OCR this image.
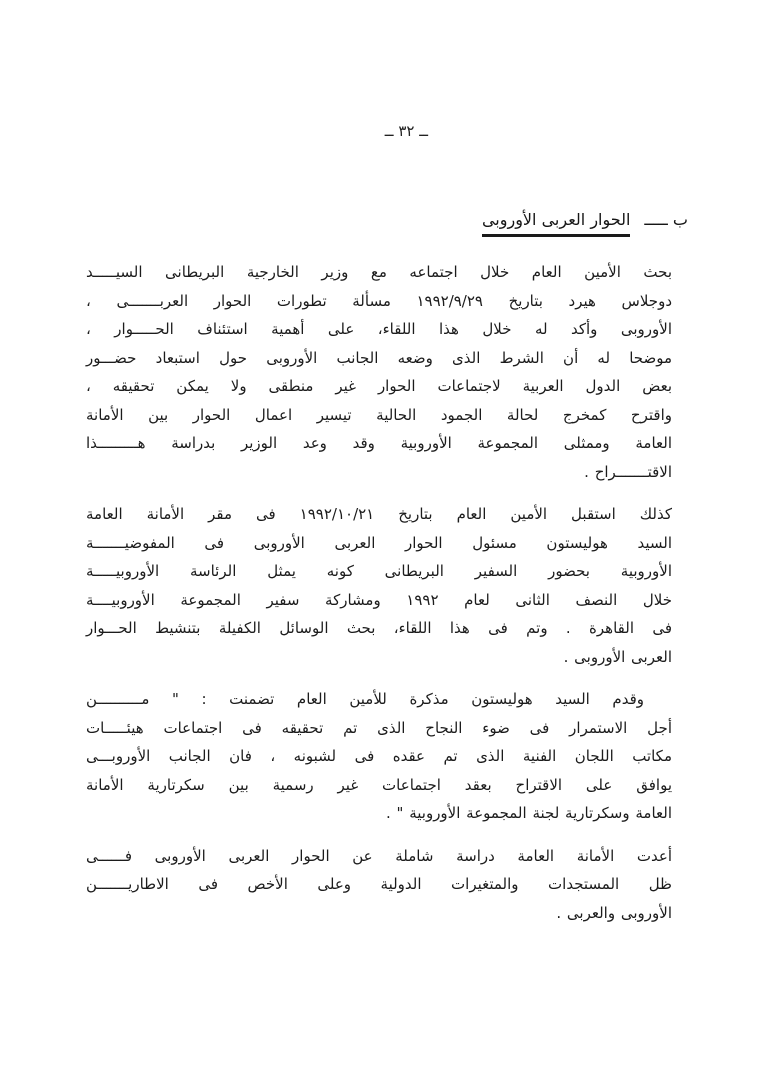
ــ ٣٢ ــ
ب ـــــ
الحوار العربى الأوروبى
بحث الأمين العام خلال اجتماعه مع وزير الخارجية البريطانى السيـــــد
دوجلاس هيرد بتاريخ ١٩٩٢/٩/٢٩ مسألة تطورات الحوار العربـــــــى ،
الأوروبى وأكد له خلال هذا اللقاء، على أهمية استئناف الحـــــوار ،
موضحا له أن الشرط الذى وضعه الجانب الأوروبى حول استبعاد حضـــور
بعض الدول العربية لاجتماعات الحوار غير منطقى ولا يمكن تحقيقه ،
واقترح كمخرج لحالة الجمود الحالية تيسير اعمال الحوار بين الأمانة
العامة وممثلى المجموعة الأوروبية وقد وعد الوزير بدراسة هـــــــــذا
الاقتـــــــراح .
كذلك استقبل الأمين العام بتاريخ ١٩٩٢/١٠/٢١ فى مقر الأمانة العامة
السيد هوليستون مسئول الحوار العربى الأوروبى فى المفوضيـــــــة
الأوروبية بحضور السفير البريطانى كونه يمثل الرئاسة الأوروبيـــــة
خلال النصف الثانى لعام ١٩٩٢ ومشاركة سفير المجموعة الأوروبيــــة
فى القاهرة . وتم فى هذا اللقاء، بحث الوسائل الكفيلة بتنشيط الحـــوار
العربى الأوروبى .
وقدم السيد هوليستون مذكرة للأمين العام تضمنت : " مــــــــــن
أجل الاستمرار فى ضوء النجاح الذى تم تحقيقه فى اجتماعات هيئـــــات
مكاتب اللجان الفنية الذى تم عقده فى لشبونه ، فان الجانب الأوروبـــى
يوافق على الاقتراح بعقد اجتماعات غير رسمية بين سكرتارية الأمانة
العامة وسكرتارية لجنة المجموعة الأوروبية " .
أعدت الأمانة العامة دراسة شاملة عن الحوار العربى الأوروبى فــــــى
ظل المستجدات والمتغيرات الدولية وعلى الأخص فى الاطاريـــــــن
الأوروبى والعربى .
